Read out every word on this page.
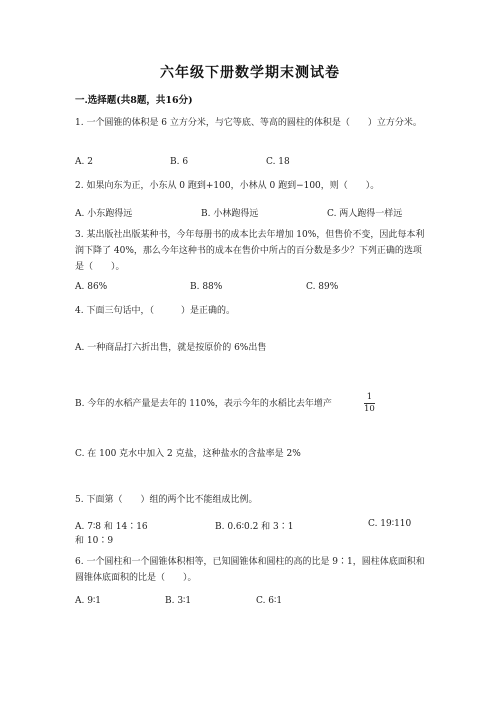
六年级下册数学期末测试卷
一.选择题(共8题，共16分)
1. 一个圆锥的体积是 6 立方分米，与它等底、等高的圆柱的体积是（　　）立方分米。
A. 2	B. 6	C. 18
2. 如果向东为正，小东从 0 跑到+100，小林从 0 跑到−100，则（　　）。
A. 小东跑得远	B. 小林跑得远	C. 两人跑得一样远
3. 某出版社出版某种书，今年每册书的成本比去年增加 10%，但售价不变，因此每本利润下降了 40%，那么今年这种书的成本在售价中所占的百分数是多少？下列正确的选项是（　　）。
A. 86%	B. 88%	C. 89%
4. 下面三句话中，（　　　）是正确的。
A. 一种商品打六折出售，就是按原价的 6%出售
B. 今年的水稻产量是去年的 110%，表示今年的水稻比去年增产	$\frac{1}{10}$
C. 在 100 克水中加入 2 克盐，这种盐水的含盐率是 2%
5. 下面第（　　）组的两个比不能组成比例。
A. 7∶8 和 14∶16	B. 0.6∶0.2 和 3∶1	C. 19∶110
和 10∶9
6. 一个圆柱和一个圆锥体积相等，已知圆锥体和圆柱的高的比是 9∶1，圆柱体底面积和圆锥体底面积的比是（　　）。
A. 9∶1	B. 3∶1	C. 6∶1
